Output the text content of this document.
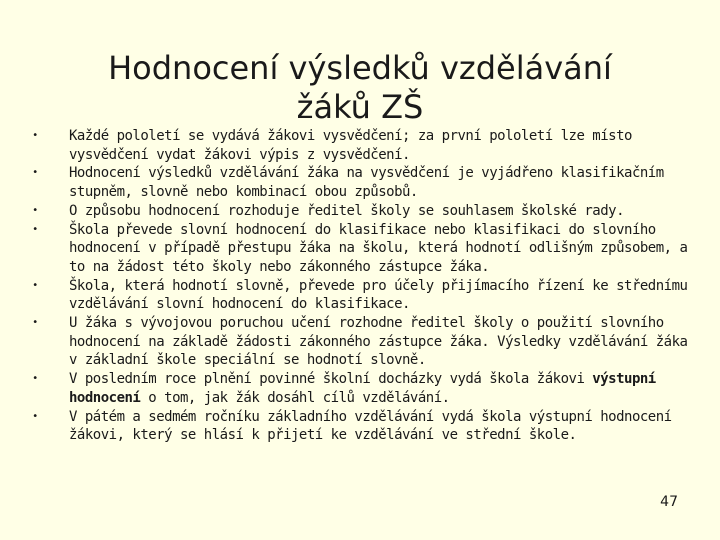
Hodnocení výsledků vzdělávání
žáků ZŠ
• Každé pololetí se vydává žákovi vysvědčení; za první pololetí lze místo vysvědčení vydat žákovi výpis z vysvědčení.
• Hodnocení výsledků vzdělávání žáka na vysvědčení je vyjádřeno klasifikačním stupněm, slovně nebo kombinací obou způsobů.
• O způsobu hodnocení rozhoduje ředitel školy se souhlasem školské rady.
• Škola převede slovní hodnocení do klasifikace nebo klasifikaci do slovního hodnocení v případě přestupu žáka na školu, která hodnotí odlišným způsobem, a to na žádost této školy nebo zákonného zástupce žáka.
• Škola, která hodnotí slovně, převede pro účely přijímacího řízení ke střednímu vzdělávání slovní hodnocení do klasifikace.
• U žáka s vývojovou poruchou učení rozhodne ředitel školy o použití slovního hodnocení na základě žádosti zákonného zástupce žáka. Výsledky vzdělávání žáka v základní škole speciální se hodnotí slovně.
• V posledním roce plnění povinné školní docházky vydá škola žákovi výstupní hodnocení o tom, jak žák dosáhl cílů vzdělávání.
• V pátém a sedmém ročníku základního vzdělávání vydá škola výstupní hodnocení žákovi, který se hlásí k přijetí ke vzdělávání ve střední škole.
47
